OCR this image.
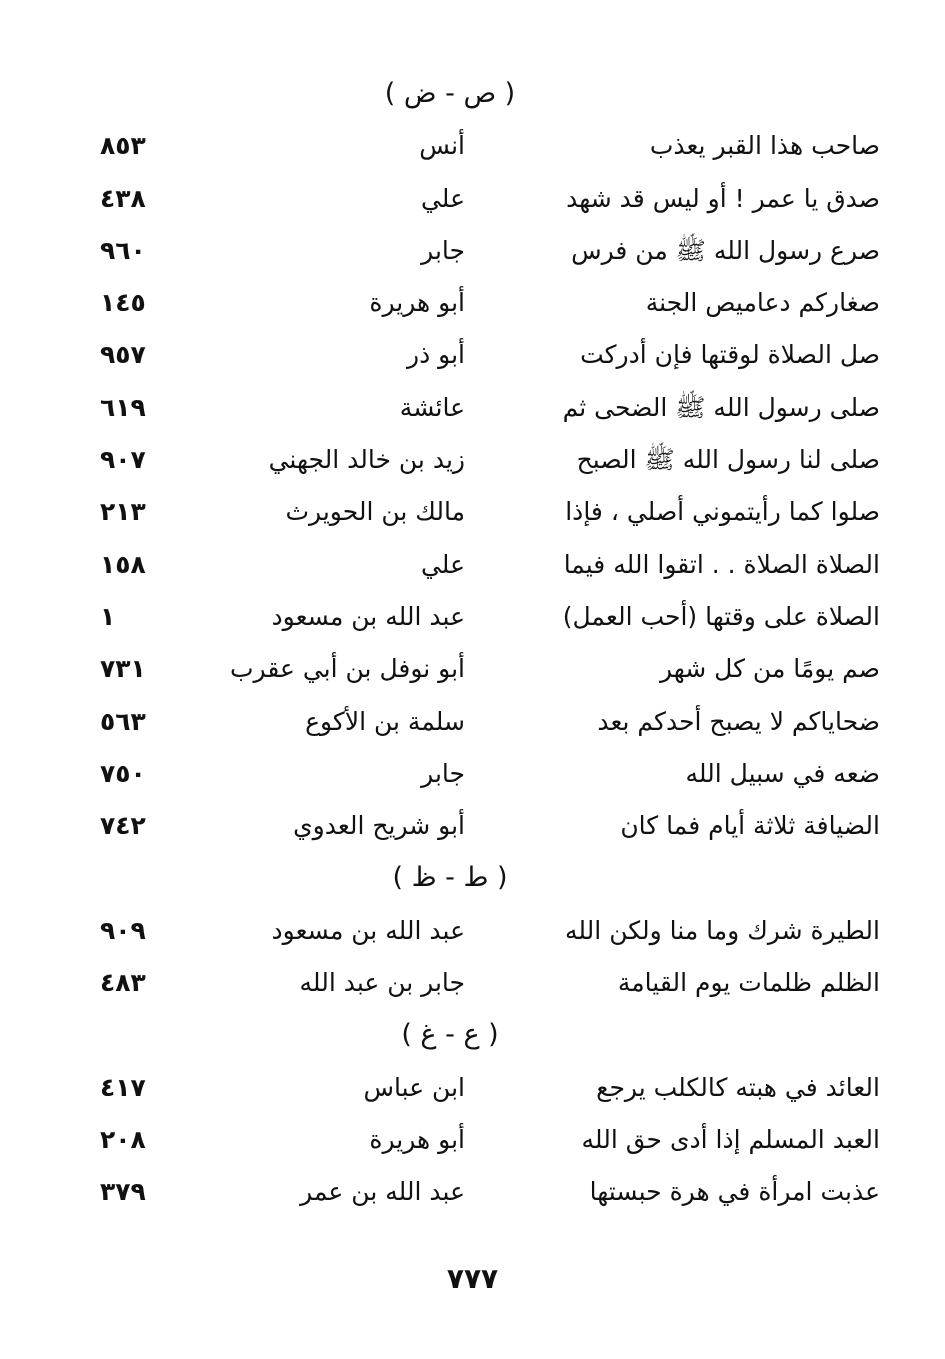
( ص - ض )
صاحب هذا القبر يعذب
أنس
٨٥٣
صدق يا عمر ! أو ليس قد شهد
علي
٤٣٨
صرع رسول الله ﷺ من فرس
جابر
٩٦٠
صغاركم دعاميص الجنة
أبو هريرة
١٤٥
صل الصلاة لوقتها فإن أدركت
أبو ذر
٩٥٧
صلى رسول الله ﷺ الضحى ثم
عائشة
٦١٩
صلى لنا رسول الله ﷺ الصبح
زيد بن خالد الجهني
٩٠٧
صلوا كما رأيتموني أصلي ، فإذا
مالك بن الحويرث
٢١٣
الصلاة الصلاة . . اتقوا الله فيما
علي
١٥٨
الصلاة على وقتها (أحب العمل)
عبد الله بن مسعود
١
صم يومًا من كل شهر
أبو نوفل بن أبي عقرب
٧٣١
ضحاياكم لا يصبح أحدكم بعد
سلمة بن الأكوع
٥٦٣
ضعه في سبيل الله
جابر
٧٥٠
الضيافة ثلاثة أيام فما كان
أبو شريح العدوي
٧٤٢
( ط - ظ )
الطيرة شرك وما منا ولكن الله
عبد الله بن مسعود
٩٠٩
الظلم ظلمات يوم القيامة
جابر بن عبد الله
٤٨٣
( ع - غ )
العائد في هبته كالكلب يرجع
ابن عباس
٤١٧
العبد المسلم إذا أدى حق الله
أبو هريرة
٢٠٨
عذبت امرأة في هرة حبستها
عبد الله بن عمر
٣٧٩
٧٧٧
